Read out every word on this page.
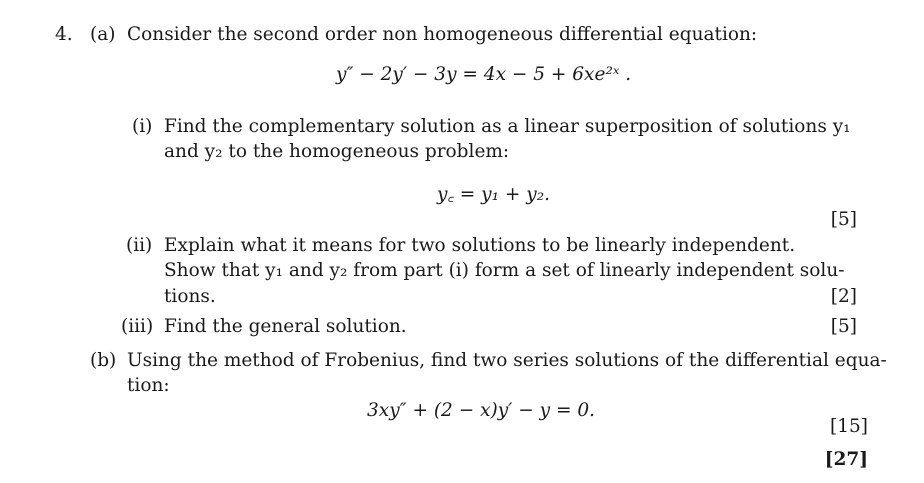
4. (a) Consider the second order non homogeneous differential equation:
y″ − 2y′ − 3y = 4x − 5 + 6xe²ˣ .
(i) Find the complementary solution as a linear superposition of solutions y₁
and y₂ to the homogeneous problem:
y꜀ = y₁ + y₂.
[5]
(ii) Explain what it means for two solutions to be linearly independent.
Show that y₁ and y₂ from part (i) form a set of linearly independent solu-
tions.	[2]
(iii) Find the general solution.	[5]
(b) Using the method of Frobenius, find two series solutions of the differential equa-
tion:
3xy″ + (2 − x)y′ − y = 0.
[15]
[27]
